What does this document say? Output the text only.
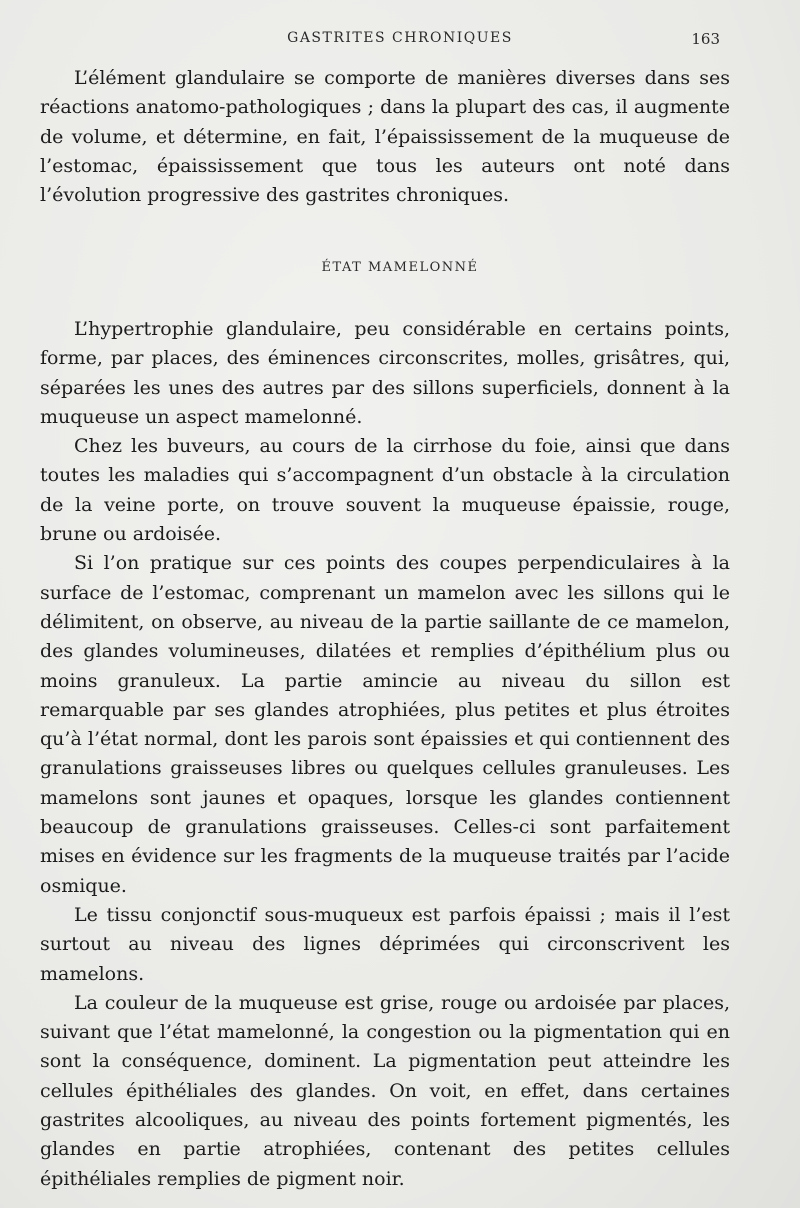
GASTRITES CHRONIQUES	163

L’élément glandulaire se comporte de manières diverses dans ses réactions anatomo-pathologiques ; dans la plupart des cas, il augmente de volume, et détermine, en fait, l’épaississement de la muqueuse de l’estomac, épaississement que tous les auteurs ont noté dans l’évolution progressive des gastrites chroniques.

ÉTAT MAMELONNÉ

L’hypertrophie glandulaire, peu considérable en certains points, forme, par places, des éminences circonscrites, molles, grisâtres, qui, séparées les unes des autres par des sillons superficiels, donnent à la muqueuse un aspect mamelonné.

Chez les buveurs, au cours de la cirrhose du foie, ainsi que dans toutes les maladies qui s’accompagnent d’un obstacle à la circulation de la veine porte, on trouve souvent la muqueuse épaissie, rouge, brune ou ardoisée.

Si l’on pratique sur ces points des coupes perpendiculaires à la surface de l’estomac, comprenant un mamelon avec les sillons qui le délimitent, on observe, au niveau de la partie saillante de ce mamelon, des glandes volumineuses, dilatées et remplies d’épithélium plus ou moins granuleux. La partie amincie au niveau du sillon est remarquable par ses glandes atrophiées, plus petites et plus étroites qu’à l’état normal, dont les parois sont épaissies et qui contiennent des granulations graisseuses libres ou quelques cellules granuleuses. Les mamelons sont jaunes et opaques, lorsque les glandes contiennent beaucoup de granulations graisseuses. Celles-ci sont parfaitement mises en évidence sur les fragments de la muqueuse traités par l’acide osmique.

Le tissu conjonctif sous-muqueux est parfois épaissi ; mais il l’est surtout au niveau des lignes déprimées qui circonscrivent les mamelons.

La couleur de la muqueuse est grise, rouge ou ardoisée par places, suivant que l’état mamelonné, la congestion ou la pigmentation qui en sont la conséquence, dominent. La pigmentation peut atteindre les cellules épithéliales des glandes. On voit, en effet, dans certaines gastrites alcooliques, au niveau des points fortement pigmentés, les glandes en partie atrophiées, contenant des petites cellules épithéliales remplies de pigment noir.
